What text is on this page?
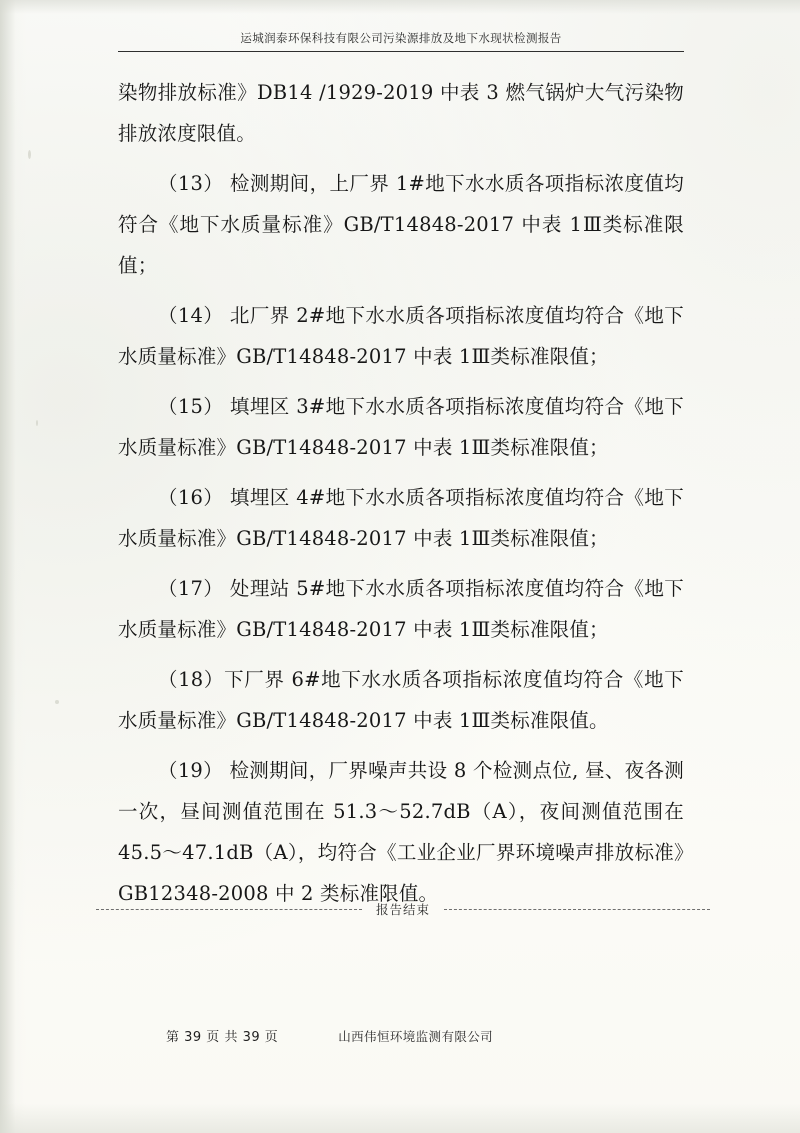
运城润泰环保科技有限公司污染源排放及地下水现状检测报告

染物排放标准》DB14 /1929-2019 中表 3 燃气锅炉大气污染物排放浓度限值。

（13） 检测期间，上厂界 1#地下水水质各项指标浓度值均符合《地下水质量标准》GB/T14848-2017 中表 1Ⅲ类标准限值；

（14） 北厂界 2#地下水水质各项指标浓度值均符合《地下水质量标准》GB/T14848-2017 中表 1Ⅲ类标准限值；

（15） 填埋区 3#地下水水质各项指标浓度值均符合《地下水质量标准》GB/T14848-2017 中表 1Ⅲ类标准限值；

（16） 填埋区 4#地下水水质各项指标浓度值均符合《地下水质量标准》GB/T14848-2017 中表 1Ⅲ类标准限值；

（17） 处理站 5#地下水水质各项指标浓度值均符合《地下水质量标准》GB/T14848-2017 中表 1Ⅲ类标准限值；

（18）下厂界 6#地下水水质各项指标浓度值均符合《地下水质量标准》GB/T14848-2017 中表 1Ⅲ类标准限值。

（19） 检测期间，厂界噪声共设 8 个检测点位, 昼、夜各测一次，昼间测值范围在 51.3～52.7dB（A），夜间测值范围在 45.5～47.1dB（A），均符合《工业企业厂界环境噪声排放标准》GB12348-2008 中 2 类标准限值。

报告结束
第 39 页 共 39 页	山西伟恒环境监测有限公司
